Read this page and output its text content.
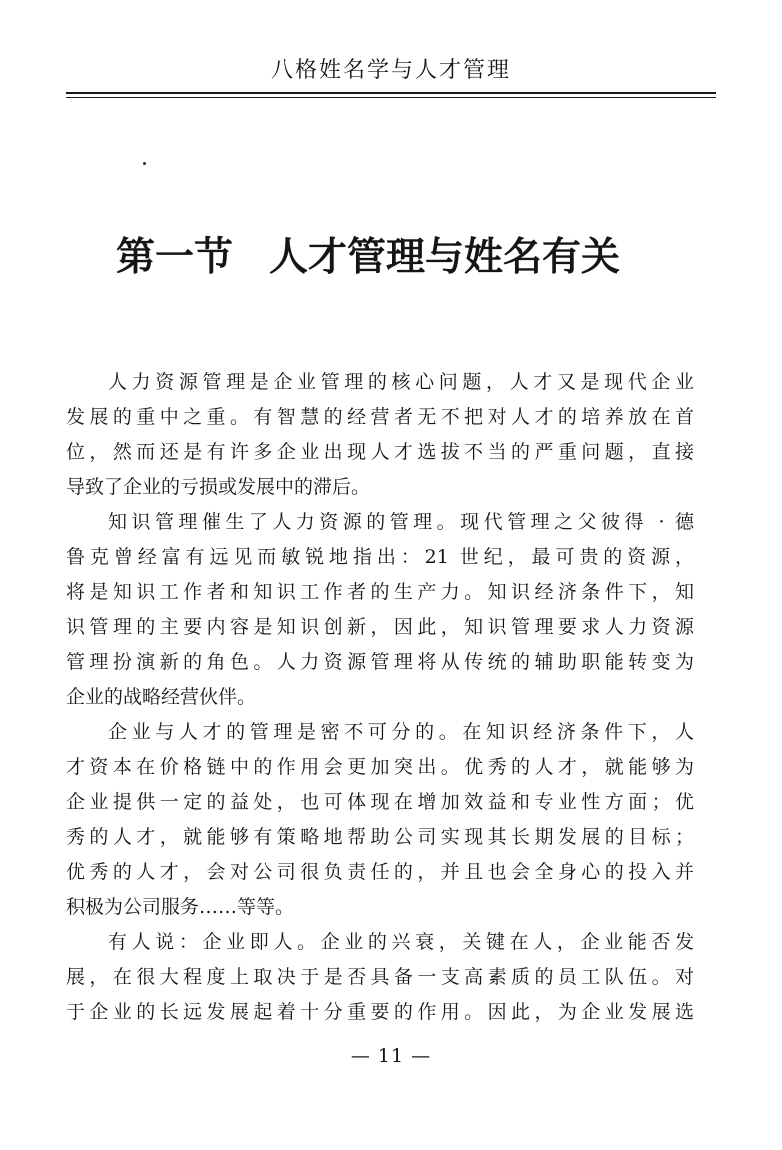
八格姓名学与人才管理
第一节 人才管理与姓名有关
人力资源管理是企业管理的核心问题，人才又是现代企业
发展的重中之重。有智慧的经营者无不把对人才的培养放在首
位，然而还是有许多企业出现人才选拔不当的严重问题，直接
导致了企业的亏损或发展中的滞后。
知识管理催生了人力资源的管理。现代管理之父彼得 · 德
鲁克曾经富有远见而敏锐地指出：21 世纪，最可贵的资源，
将是知识工作者和知识工作者的生产力。知识经济条件下，知
识管理的主要内容是知识创新，因此，知识管理要求人力资源
管理扮演新的角色。人力资源管理将从传统的辅助职能转变为
企业的战略经营伙伴。
企业与人才的管理是密不可分的。在知识经济条件下，人
才资本在价格链中的作用会更加突出。优秀的人才，就能够为
企业提供一定的益处，也可体现在增加效益和专业性方面；优
秀的人才，就能够有策略地帮助公司实现其长期发展的目标；
优秀的人才，会对公司很负责任的，并且也会全身心的投入并
积极为公司服务……等等。
有人说：企业即人。企业的兴衰，关键在人，企业能否发
展，在很大程度上取决于是否具备一支高素质的员工队伍。对
于企业的长远发展起着十分重要的作用。因此，为企业发展选
— 11 —
